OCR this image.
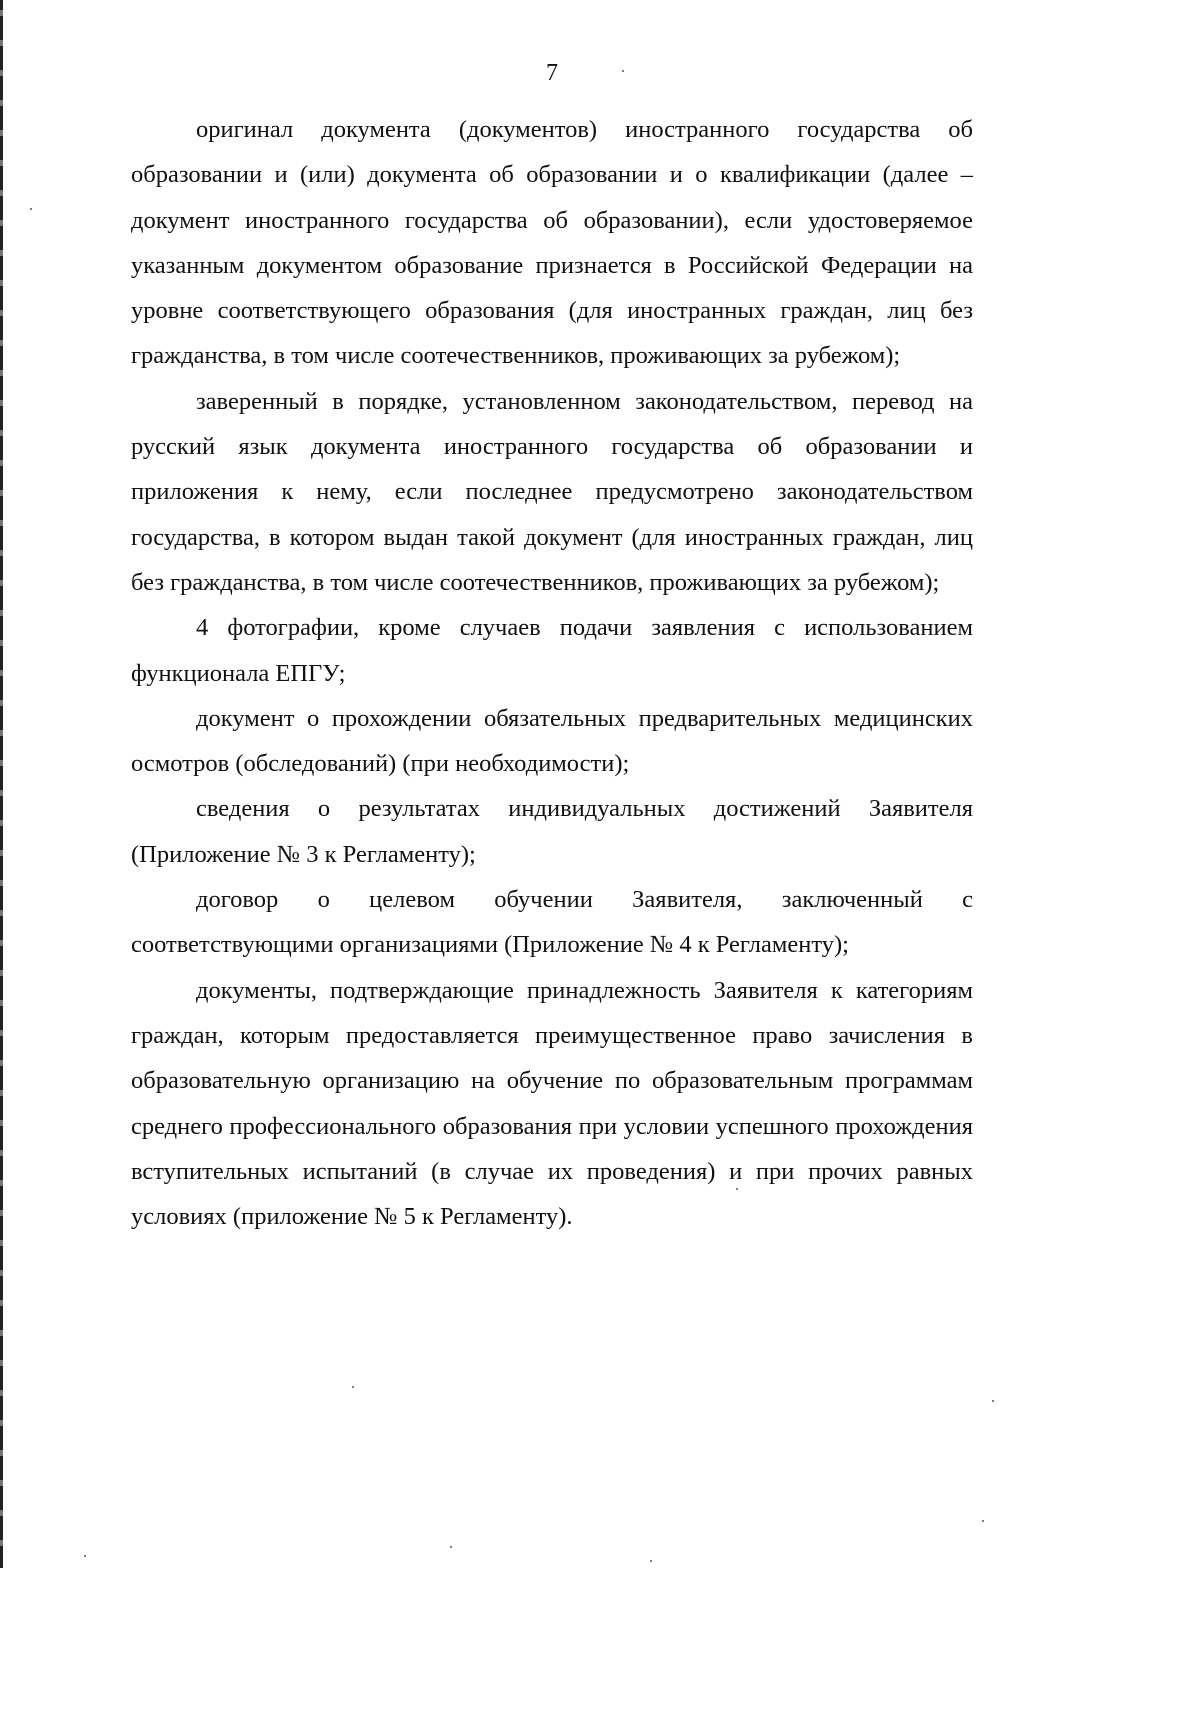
7

оригинал документа (документов) иностранного государства об образовании и (или) документа об образовании и о квалификации (далее – документ иностранного государства об образовании), если удостоверяемое указанным документом образование признается в Российской Федерации на уровне соответствующего образования (для иностранных граждан, лиц без гражданства, в том числе соотечественников, проживающих за рубежом);

заверенный в порядке, установленном законодательством, перевод на русский язык документа иностранного государства об образовании и приложения к нему, если последнее предусмотрено законодательством государства, в котором выдан такой документ (для иностранных граждан, лиц без гражданства, в том числе соотечественников, проживающих за рубежом);

4 фотографии, кроме случаев подачи заявления с использованием функционала ЕПГУ;

документ о прохождении обязательных предварительных медицинских осмотров (обследований) (при необходимости);

сведения о результатах индивидуальных достижений Заявителя (Приложение № 3 к Регламенту);

договор о целевом обучении Заявителя, заключенный с соответствующими организациями (Приложение № 4 к Регламенту);

документы, подтверждающие принадлежность Заявителя к категориям граждан, которым предоставляется преимущественное право зачисления в образовательную организацию на обучение по образовательным программам среднего профессионального образования при условии успешного прохождения вступительных испытаний (в случае их проведения) и при прочих равных условиях (приложение № 5 к Регламенту).
